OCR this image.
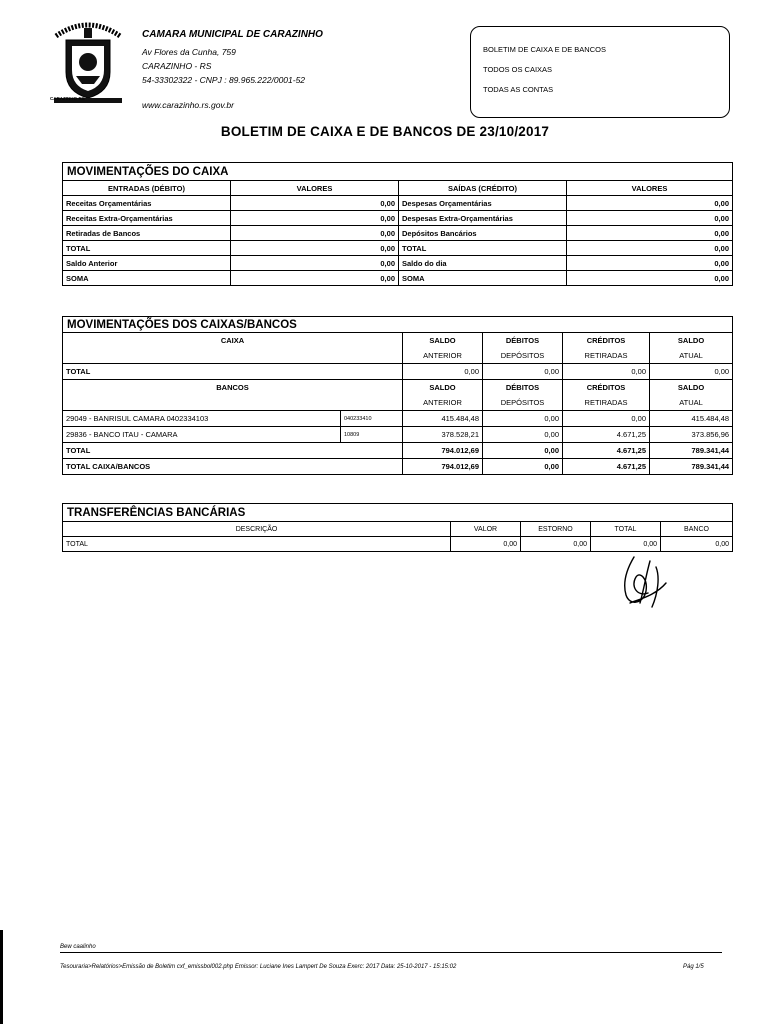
CARAZINHO-RS
CAMARA MUNICIPAL DE CARAZINHO
Av Flores da Cunha, 759
CARAZINHO - RS
54-33302322 - CNPJ : 89.965.222/0001-52
www.carazinho.rs.gov.br
BOLETIM DE CAIXA E DE BANCOS
TODOS OS CAIXAS
TODAS AS CONTAS
BOLETIM DE CAIXA E DE BANCOS DE 23/10/2017
MOVIMENTAÇÕES DO CAIXA			
ENTRADAS (DÉBITO)	VALORES	SAÍDAS (CRÉDITO)	VALORES
Receitas Orçamentárias	0,00	Despesas Orçamentárias	0,00
Receitas Extra-Orçamentárias	0,00	Despesas Extra-Orçamentárias	0,00
Retiradas de Bancos	0,00	Depósitos Bancários	0,00
TOTAL	0,00	TOTAL	0,00
Saldo Anterior	0,00	Saldo do dia	0,00
SOMA	0,00	SOMA	0,00
MOVIMENTAÇÕES DOS CAIXAS/BANCOS					
CAIXA		SALDO	DÉBITOS	CRÉDITOS	SALDO
		ANTERIOR	DEPÓSITOS	RETIRADAS	ATUAL
TOTAL		0,00	0,00	0,00	0,00
BANCOS		SALDO	DÉBITOS	CRÉDITOS	SALDO
		ANTERIOR	DEPÓSITOS	RETIRADAS	ATUAL
29049 - BANRISUL CAMARA 0402334103	040233410	415.484,48	0,00	0,00	415.484,48
29836 - BANCO ITAU - CAMARA	10809	378.528,21	0,00	4.671,25	373.856,96
TOTAL		794.012,69	0,00	4.671,25	789.341,44
TOTAL CAIXA/BANCOS		794.012,69	0,00	4.671,25	789.341,44
TRANSFERÊNCIAS BANCÁRIAS				
DESCRIÇÃO	VALOR	ESTORNO	TOTAL	BANCO
TOTAL	0,00	0,00	0,00	0,00
Bew caalinho
Tesouraria>Relatórios>Emissão de Boletim cxf_emissbol002.php Emissor: Luciane Ines Lampert De Souza Exerc: 2017 Data: 25-10-2017 - 15:15:02	Pág 1/5
